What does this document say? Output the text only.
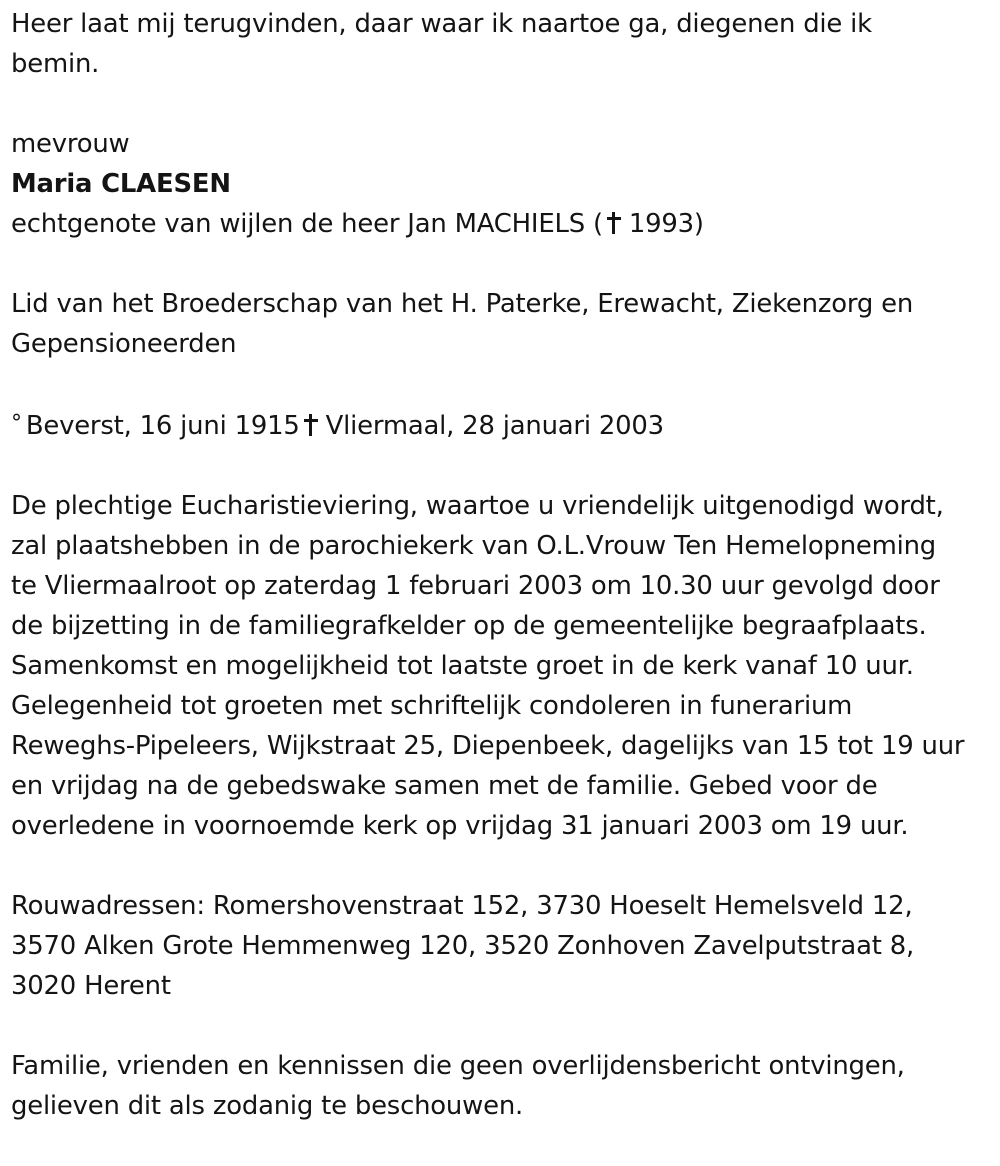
Heer laat mij terugvinden, daar waar ik naartoe ga, diegenen die ik
bemin.
mevrouw
Maria CLAESEN
echtgenote van wijlen de heer Jan MACHIELS ( 1993)
Lid van het Broederschap van het H. Paterke, Erewacht, Ziekenzorg en
Gepensioneerden
° Beverst, 16 juni 1915 Vliermaal, 28 januari 2003
De plechtige Eucharistieviering, waartoe u vriendelijk uitgenodigd wordt,
zal plaatshebben in de parochiekerk van O.L.Vrouw Ten Hemelopneming
te Vliermaalroot op zaterdag 1 februari 2003 om 10.30 uur gevolgd door
de bijzetting in de familiegrafkelder op de gemeentelijke begraafplaats.
Samenkomst en mogelijkheid tot laatste groet in de kerk vanaf 10 uur.
Gelegenheid tot groeten met schriftelijk condoleren in funerarium
Reweghs-Pipeleers, Wijkstraat 25, Diepenbeek, dagelijks van 15 tot 19 uur
en vrijdag na de gebedswake samen met de familie. Gebed voor de
overledene in voornoemde kerk op vrijdag 31 januari 2003 om 19 uur.
Rouwadressen: Romershovenstraat 152, 3730 Hoeselt Hemelsveld 12,
3570 Alken Grote Hemmenweg 120, 3520 Zonhoven Zavelputstraat 8,
3020 Herent
Familie, vrienden en kennissen die geen overlijdensbericht ontvingen,
gelieven dit als zodanig te beschouwen.
